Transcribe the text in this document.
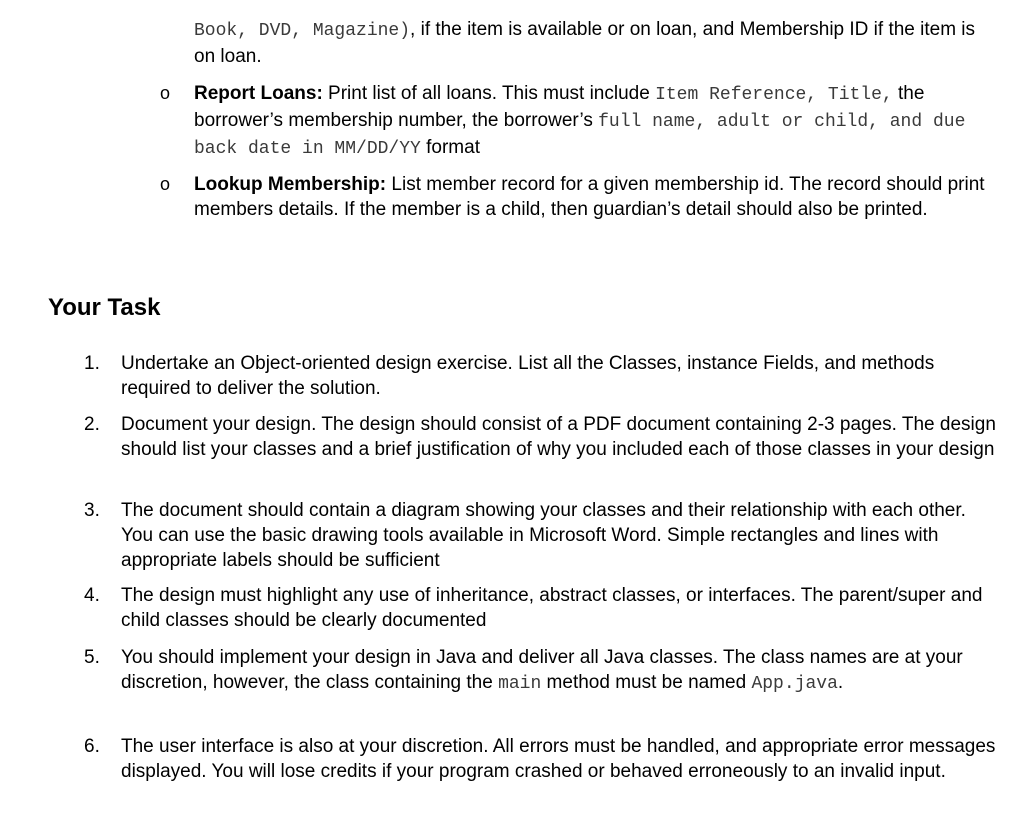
Book, DVD, Magazine), if the item is available or on loan, and Membership ID if the item is on loan.
o Report Loans: Print list of all loans. This must include Item Reference, Title, the borrower’s membership number, the borrower’s full name, adult or child, and due back date in MM/DD/YY format
o Lookup Membership: List member record for a given membership id. The record should print members details. If the member is a child, then guardian’s detail should also be printed.
Your Task
1. Undertake an Object-oriented design exercise. List all the Classes, instance Fields, and methods required to deliver the solution.
2. Document your design. The design should consist of a PDF document containing 2-3 pages. The design should list your classes and a brief justification of why you included each of those classes in your design
3. The document should contain a diagram showing your classes and their relationship with each other. You can use the basic drawing tools available in Microsoft Word. Simple rectangles and lines with appropriate labels should be sufficient
4. The design must highlight any use of inheritance, abstract classes, or interfaces. The parent/super and child classes should be clearly documented
5. You should implement your design in Java and deliver all Java classes. The class names are at your discretion, however, the class containing the main method must be named App.java.
6. The user interface is also at your discretion. All errors must be handled, and appropriate error messages displayed. You will lose credits if your program crashed or behaved erroneously to an invalid input.
